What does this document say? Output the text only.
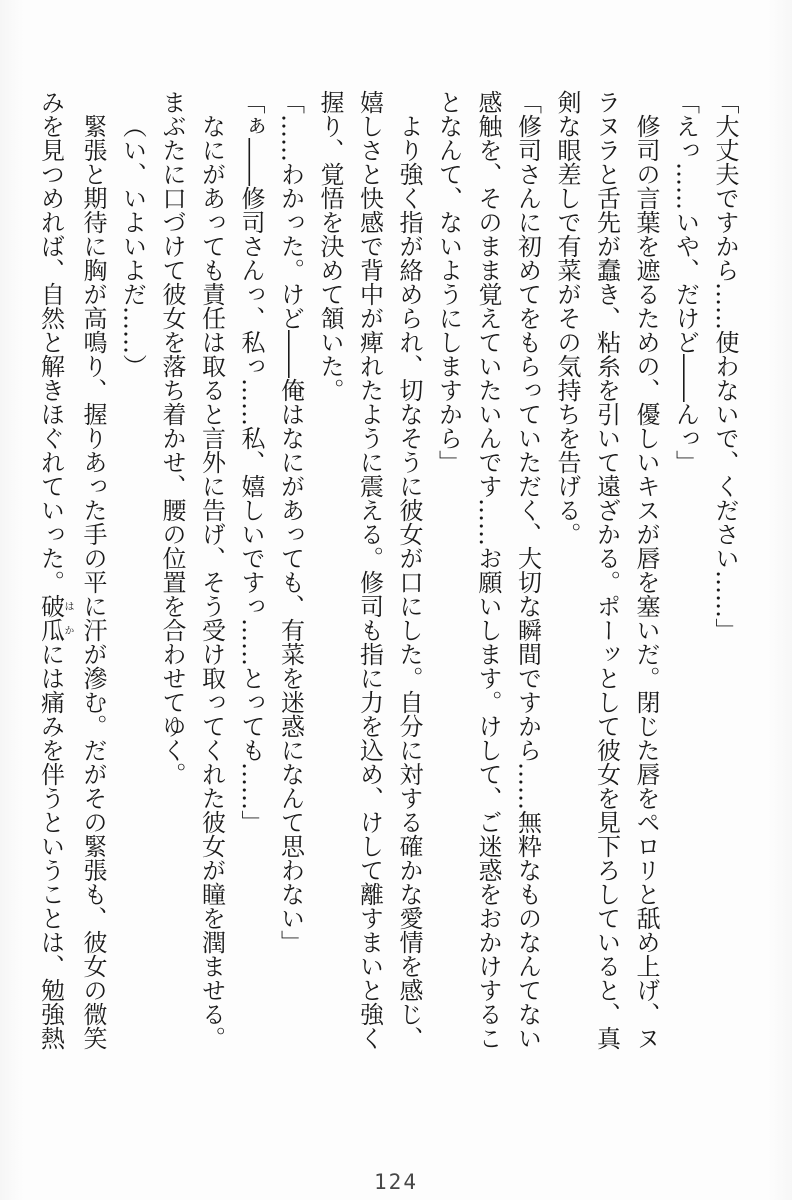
「大丈夫ですから……使わないで、ください……」
「えっ……いや、だけど――んっ」
修司の言葉を遮るための、優しいキスが唇を塞いだ。閉じた唇をペロリと舐め上げ、ヌ
ラヌラと舌先が蠢き、粘糸を引いて遠ざかる。ポーッとして彼女を見下ろしていると、真
剣な眼差しで有菜がその気持ちを告げる。
「修司さんに初めてをもらっていただく、大切な瞬間ですから……無粋なものなんてない
感触を、そのまま覚えていたいんです……お願いします。けして、ご迷惑をおかけするこ
となんて、ないようにしますから」
より強く指が絡められ、切なそうに彼女が口にした。自分に対する確かな愛情を感じ、
嬉しさと快感で背中が痺れたように震える。修司も指に力を込め、けして離すまいと強く
握り、覚悟を決めて頷いた。
「……わかった。けど――俺はなにがあっても、有菜を迷惑になんて思わない」
「ぁ――修司さんっ、私っ……私、嬉しいですっ……とっても……」
なにがあっても責任は取ると言外に告げ、そう受け取ってくれた彼女が瞳を潤ませる。
まぶたに口づけて彼女を落ち着かせ、腰の位置を合わせてゆく。
（い、いよいよだ……）
緊張と期待に胸が高鳴り、握りあった手の平に汗が滲む。だがその緊張も、彼女の微笑
みを見つめれば、自然と解きほぐれていった。破瓜はかには痛みを伴うということは、勉強熱
124
